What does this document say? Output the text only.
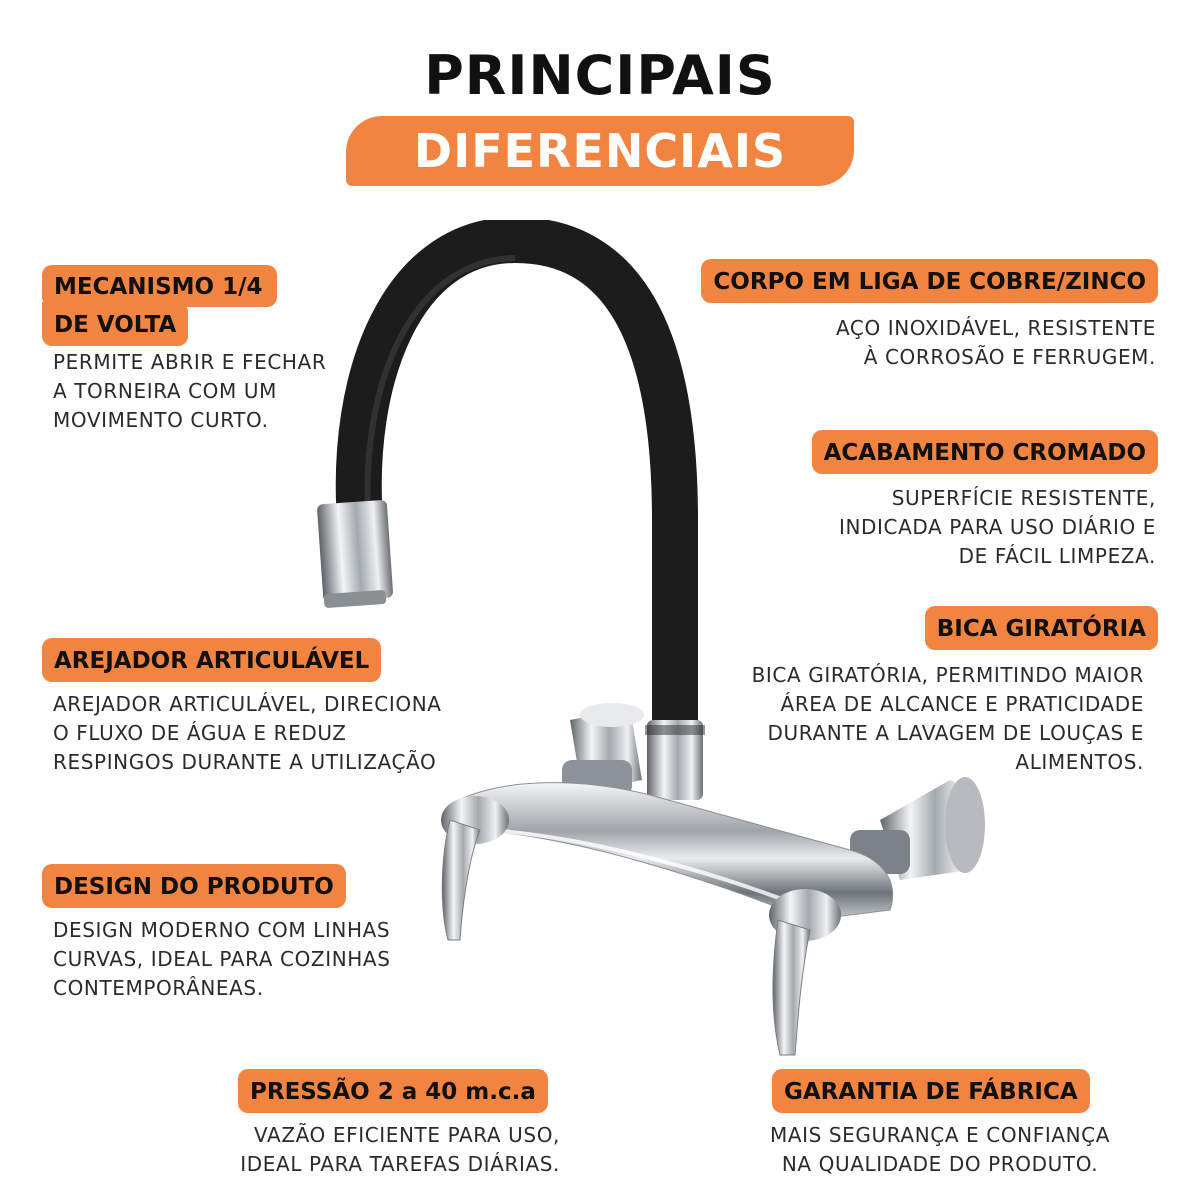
PRINCIPAIS
DIFERENCIAIS
MECANISMO 1/4
DE VOLTA
PERMITE ABRIR E FECHAR
A TORNEIRA COM UM
MOVIMENTO CURTO.
AREJADOR ARTICULÁVEL
AREJADOR ARTICULÁVEL, DIRECIONA
O FLUXO DE ÁGUA E REDUZ
RESPINGOS DURANTE A UTILIZAÇÃO
DESIGN DO PRODUTO
DESIGN MODERNO COM LINHAS
CURVAS, IDEAL PARA COZINHAS
CONTEMPORÂNEAS.
CORPO EM LIGA DE COBRE/ZINCO
AÇO INOXIDÁVEL, RESISTENTE
À CORROSÃO E FERRUGEM.
ACABAMENTO CROMADO
SUPERFÍCIE RESISTENTE,
INDICADA PARA USO DIÁRIO E
DE FÁCIL LIMPEZA.
BICA GIRATÓRIA
BICA GIRATÓRIA, PERMITINDO MAIOR
ÁREA DE ALCANCE E PRATICIDADE
DURANTE A LAVAGEM DE LOUÇAS E
ALIMENTOS.
PRESSÃO 2 a 40 m.c.a
VAZÃO EFICIENTE PARA USO,
IDEAL PARA TAREFAS DIÁRIAS.
GARANTIA DE FÁBRICA
MAIS SEGURANÇA E CONFIANÇA
NA QUALIDADE DO PRODUTO.
